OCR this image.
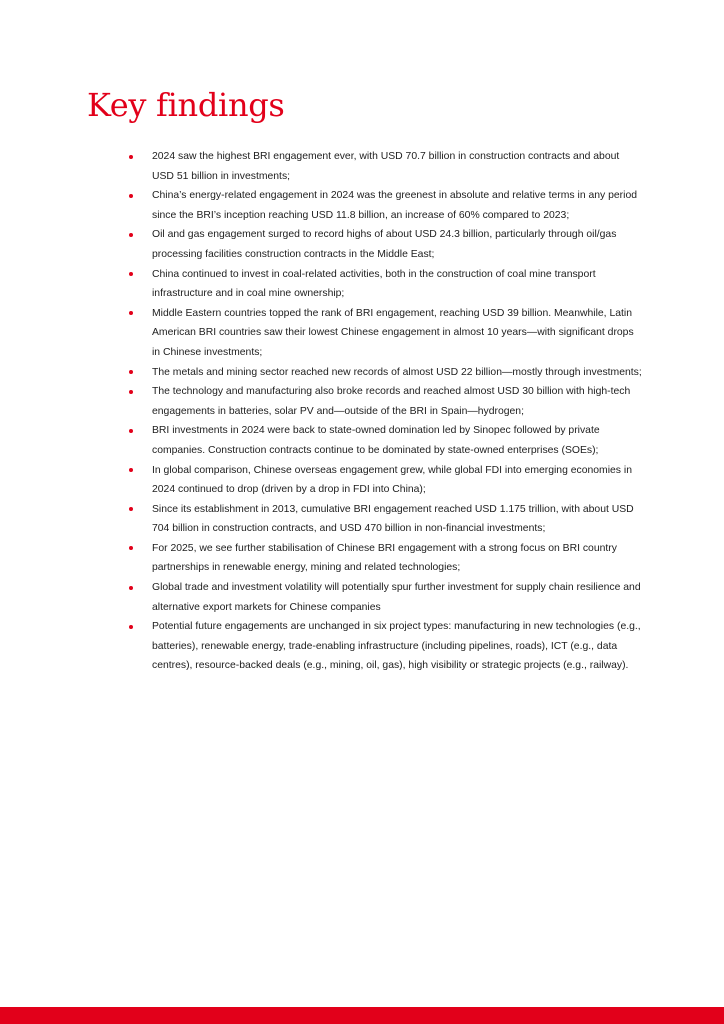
Key findings
2024 saw the highest BRI engagement ever, with USD 70.7 billion in construction contracts and about USD 51 billion in investments;
China’s energy-related engagement in 2024 was the greenest in absolute and relative terms in any period since the BRI’s inception reaching USD 11.8 billion, an increase of 60% compared to 2023;
Oil and gas engagement surged to record highs of about USD 24.3 billion, particularly through oil/gas processing facilities construction contracts in the Middle East;
China continued to invest in coal-related activities, both in the construction of coal mine transport infrastructure and in coal mine ownership;
Middle Eastern countries topped the rank of BRI engagement, reaching USD 39 billion. Meanwhile, Latin American BRI countries saw their lowest Chinese engagement in almost 10 years—with significant drops in Chinese investments;
The metals and mining sector reached new records of almost USD 22 billion—mostly through investments;
The technology and manufacturing also broke records and reached almost USD 30 billion with high-tech engagements in batteries, solar PV and—outside of the BRI in Spain—hydrogen;
BRI investments in 2024 were back to state-owned domination led by Sinopec followed by private companies. Construction contracts continue to be dominated by state-owned enterprises (SOEs);
In global comparison, Chinese overseas engagement grew, while global FDI into emerging economies in 2024 continued to drop (driven by a drop in FDI into China);
Since its establishment in 2013, cumulative BRI engagement reached USD 1.175 trillion, with about USD 704 billion in construction contracts, and USD 470 billion in non-financial investments;
For 2025, we see further stabilisation of Chinese BRI engagement with a strong focus on BRI country partnerships in renewable energy, mining and related technologies;
Global trade and investment volatility will potentially spur further investment for supply chain resilience and alternative export markets for Chinese companies
Potential future engagements are unchanged in six project types: manufacturing in new technologies (e.g., batteries), renewable energy, trade-enabling infrastructure (including pipelines, roads), ICT (e.g., data centres), resource-backed deals (e.g., mining, oil, gas), high visibility or strategic projects (e.g., railway).
